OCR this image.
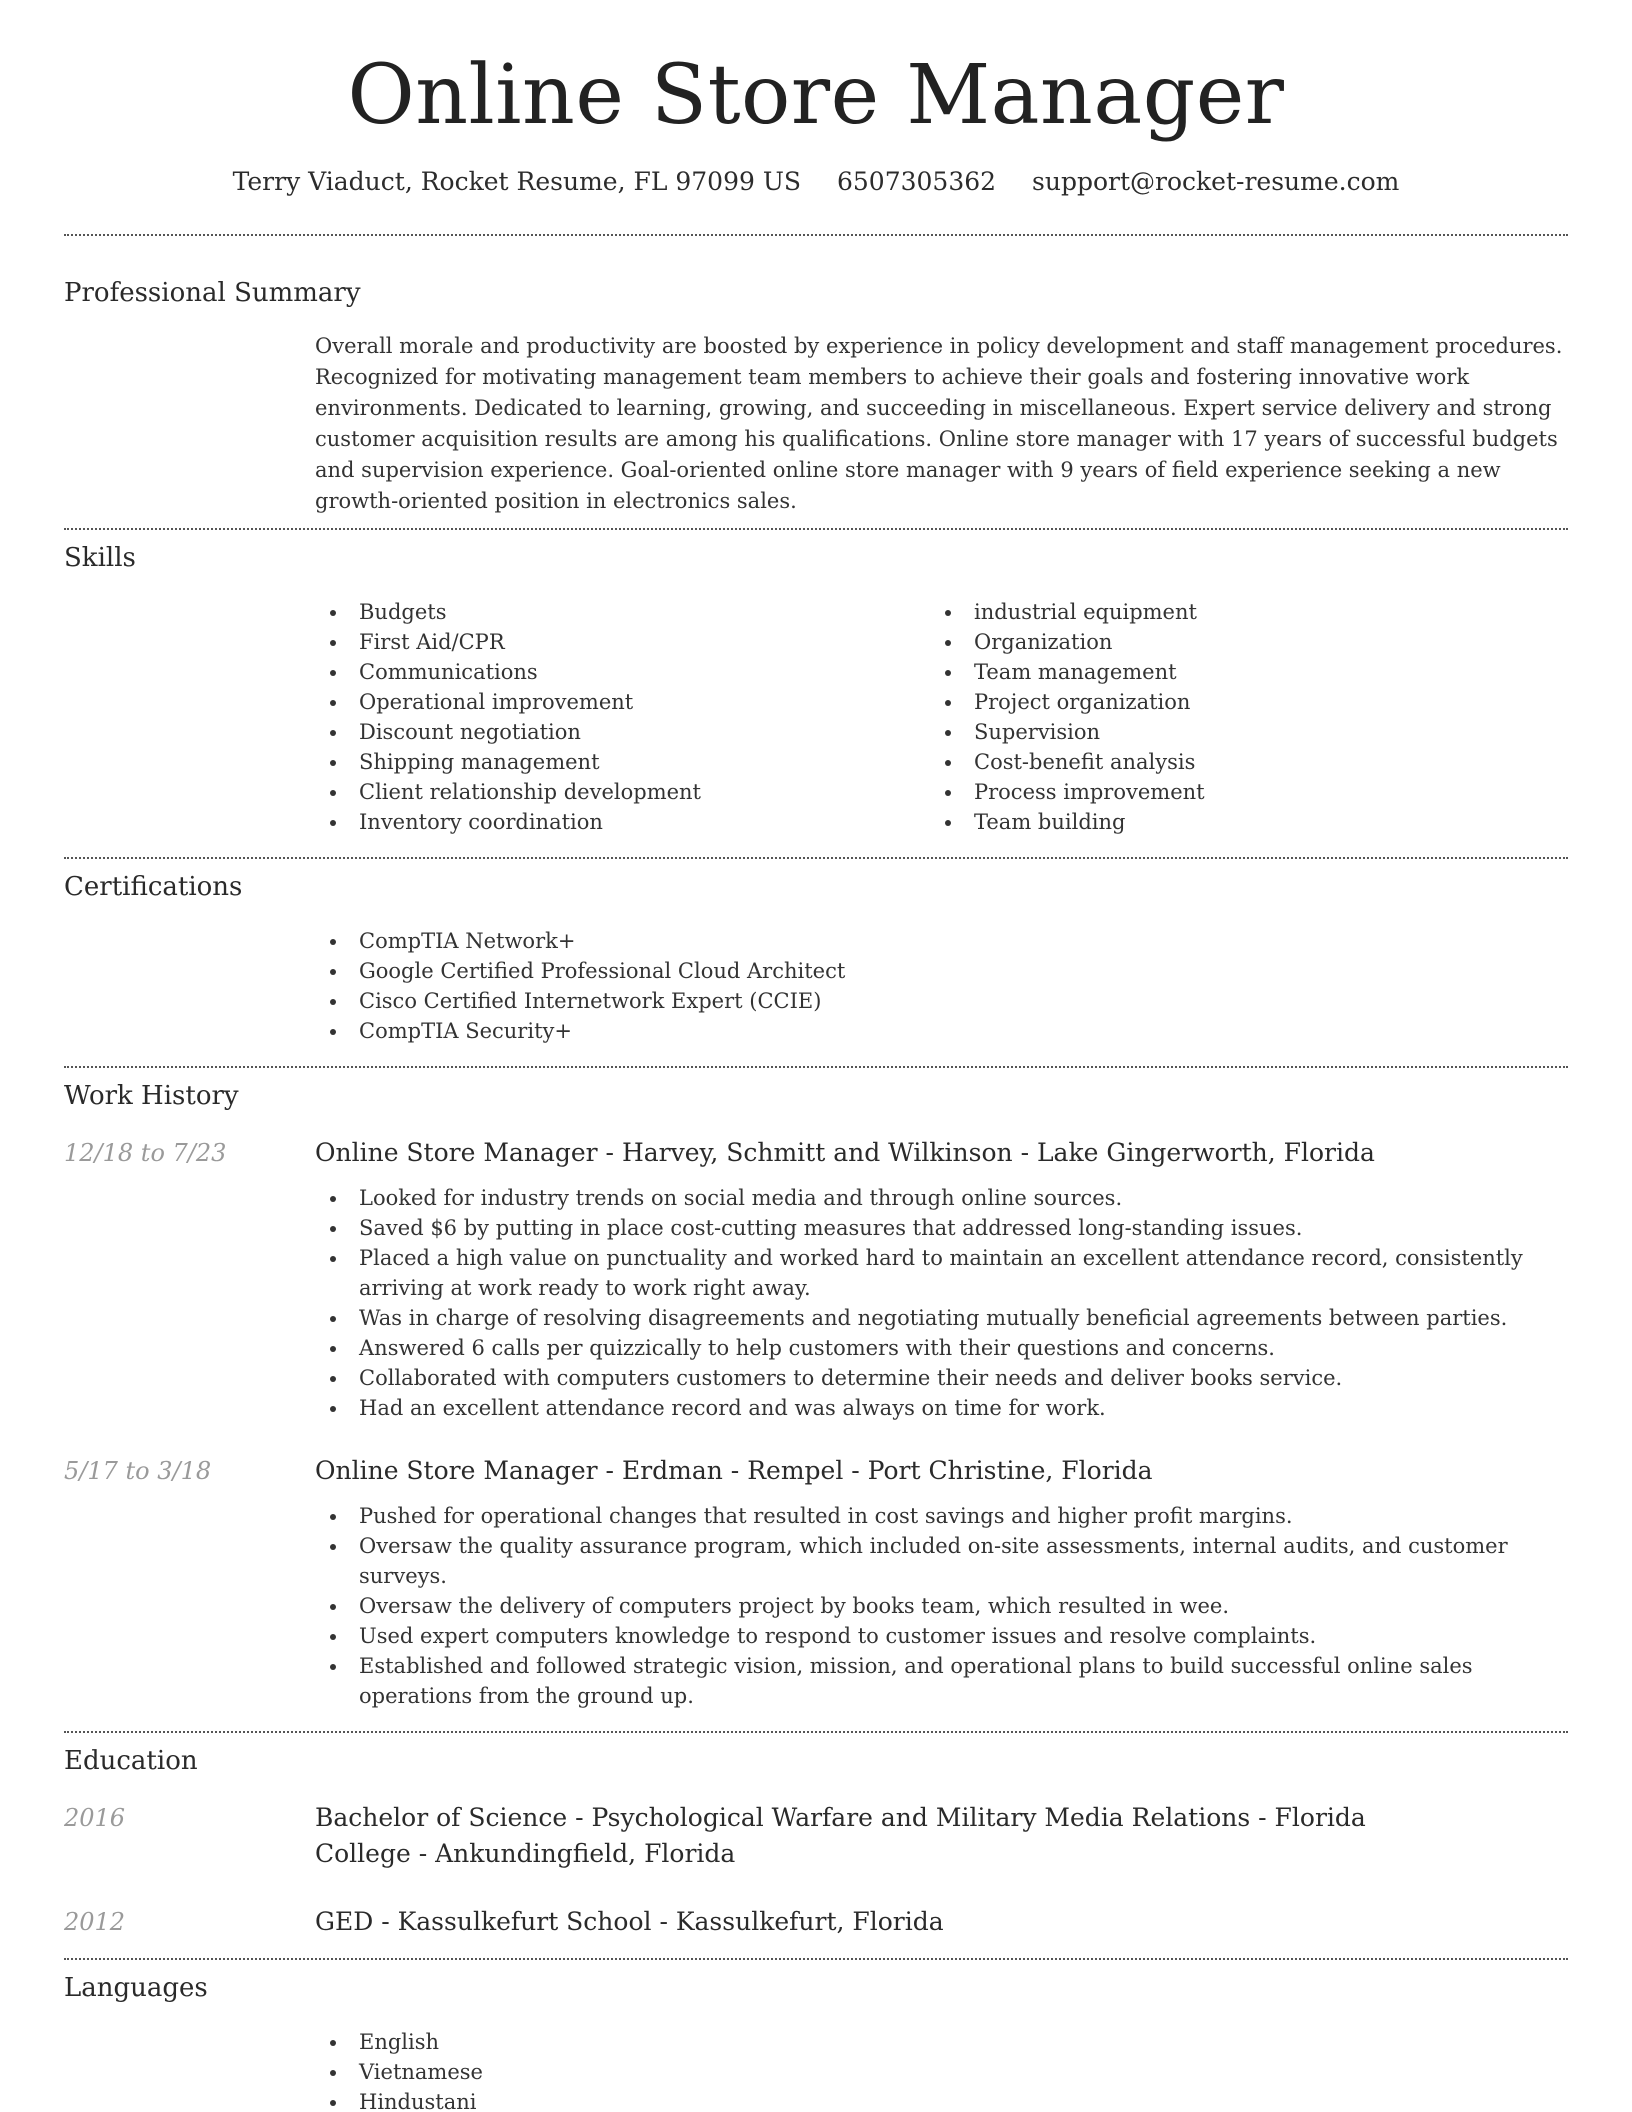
Online Store Manager
Terry Viaduct, Rocket Resume, FL 97099 US 6507305362 support@rocket-resume.com
Professional Summary

Overall morale and productivity are boosted by experience in policy development and staff management procedures. Recognized for motivating management team members to achieve their goals and fostering innovative work environments. Dedicated to learning, growing, and succeeding in miscellaneous. Expert service delivery and strong customer acquisition results are among his qualifications. Online store manager with 17 years of successful budgets and supervision experience. Goal-oriented online store manager with 9 years of field experience seeking a new growth-oriented position in electronics sales.

Skills
Budgets
First Aid/CPR
Communications
Operational improvement
Discount negotiation
Shipping management
Client relationship development
Inventory coordination
industrial equipment
Organization
Team management
Project organization
Supervision
Cost-benefit analysis
Process improvement
Team building
Certifications
CompTIA Network+
Google Certified Professional Cloud Architect
Cisco Certified Internetwork Expert (CCIE)
CompTIA Security+
Work History
12/18 to 7/23	Online Store Manager - Harvey, Schmitt and Wilkinson - Lake Gingerworth, Florida
Looked for industry trends on social media and through online sources.
Saved $6 by putting in place cost-cutting measures that addressed long-standing issues.
Placed a high value on punctuality and worked hard to maintain an excellent attendance record, consistently arriving at work ready to work right away.
Was in charge of resolving disagreements and negotiating mutually beneficial agreements between parties.
Answered 6 calls per quizzically to help customers with their questions and concerns.
Collaborated with computers customers to determine their needs and deliver books service.
Had an excellent attendance record and was always on time for work.
5/17 to 3/18	Online Store Manager - Erdman - Rempel - Port Christine, Florida
Pushed for operational changes that resulted in cost savings and higher profit margins.
Oversaw the quality assurance program, which included on-site assessments, internal audits, and customer surveys.
Oversaw the delivery of computers project by books team, which resulted in wee.
Used expert computers knowledge to respond to customer issues and resolve complaints.
Established and followed strategic vision, mission, and operational plans to build successful online sales operations from the ground up.
Education
2016	Bachelor of Science - Psychological Warfare and Military Media Relations - Florida College - Ankundingfield, Florida
2012	GED - Kassulkefurt School - Kassulkefurt, Florida
Languages
English
Vietnamese
Hindustani
